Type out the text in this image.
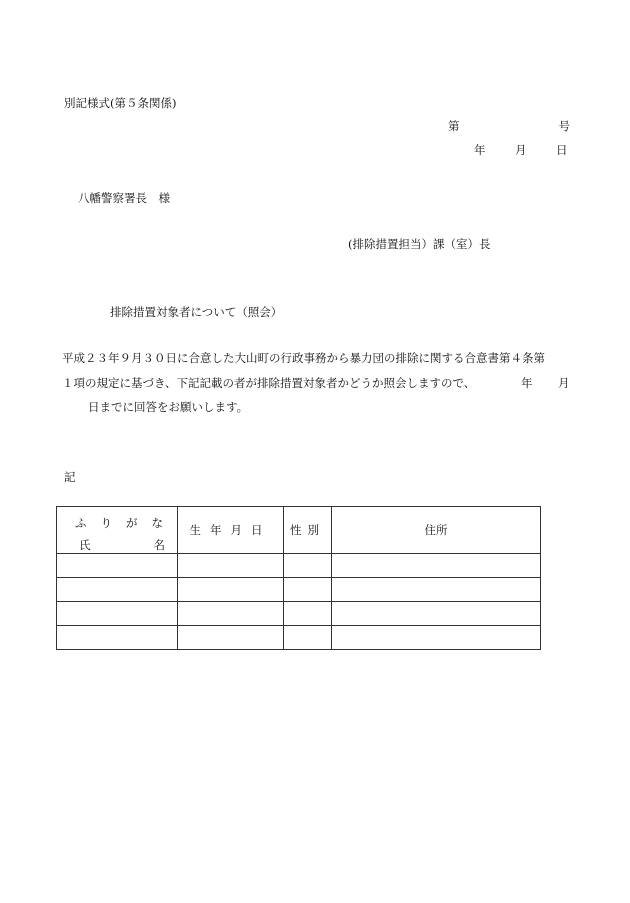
別記様式(第５条関係)
第	号
年	月	日
八幡警察署長　様
(排除措置担当）課（室）長
排除措置対象者について（照会）
平成２３年９月３０日に合意した大山町の行政事務から暴力団の排除に関する合意書第４条第
１項の規定に基づき、下記記載の者が排除措置対象者かどうか照会しますので、	年 月
日までに回答をお願いします。
記
ふりがな
氏 名	生年月日	性別	住所
